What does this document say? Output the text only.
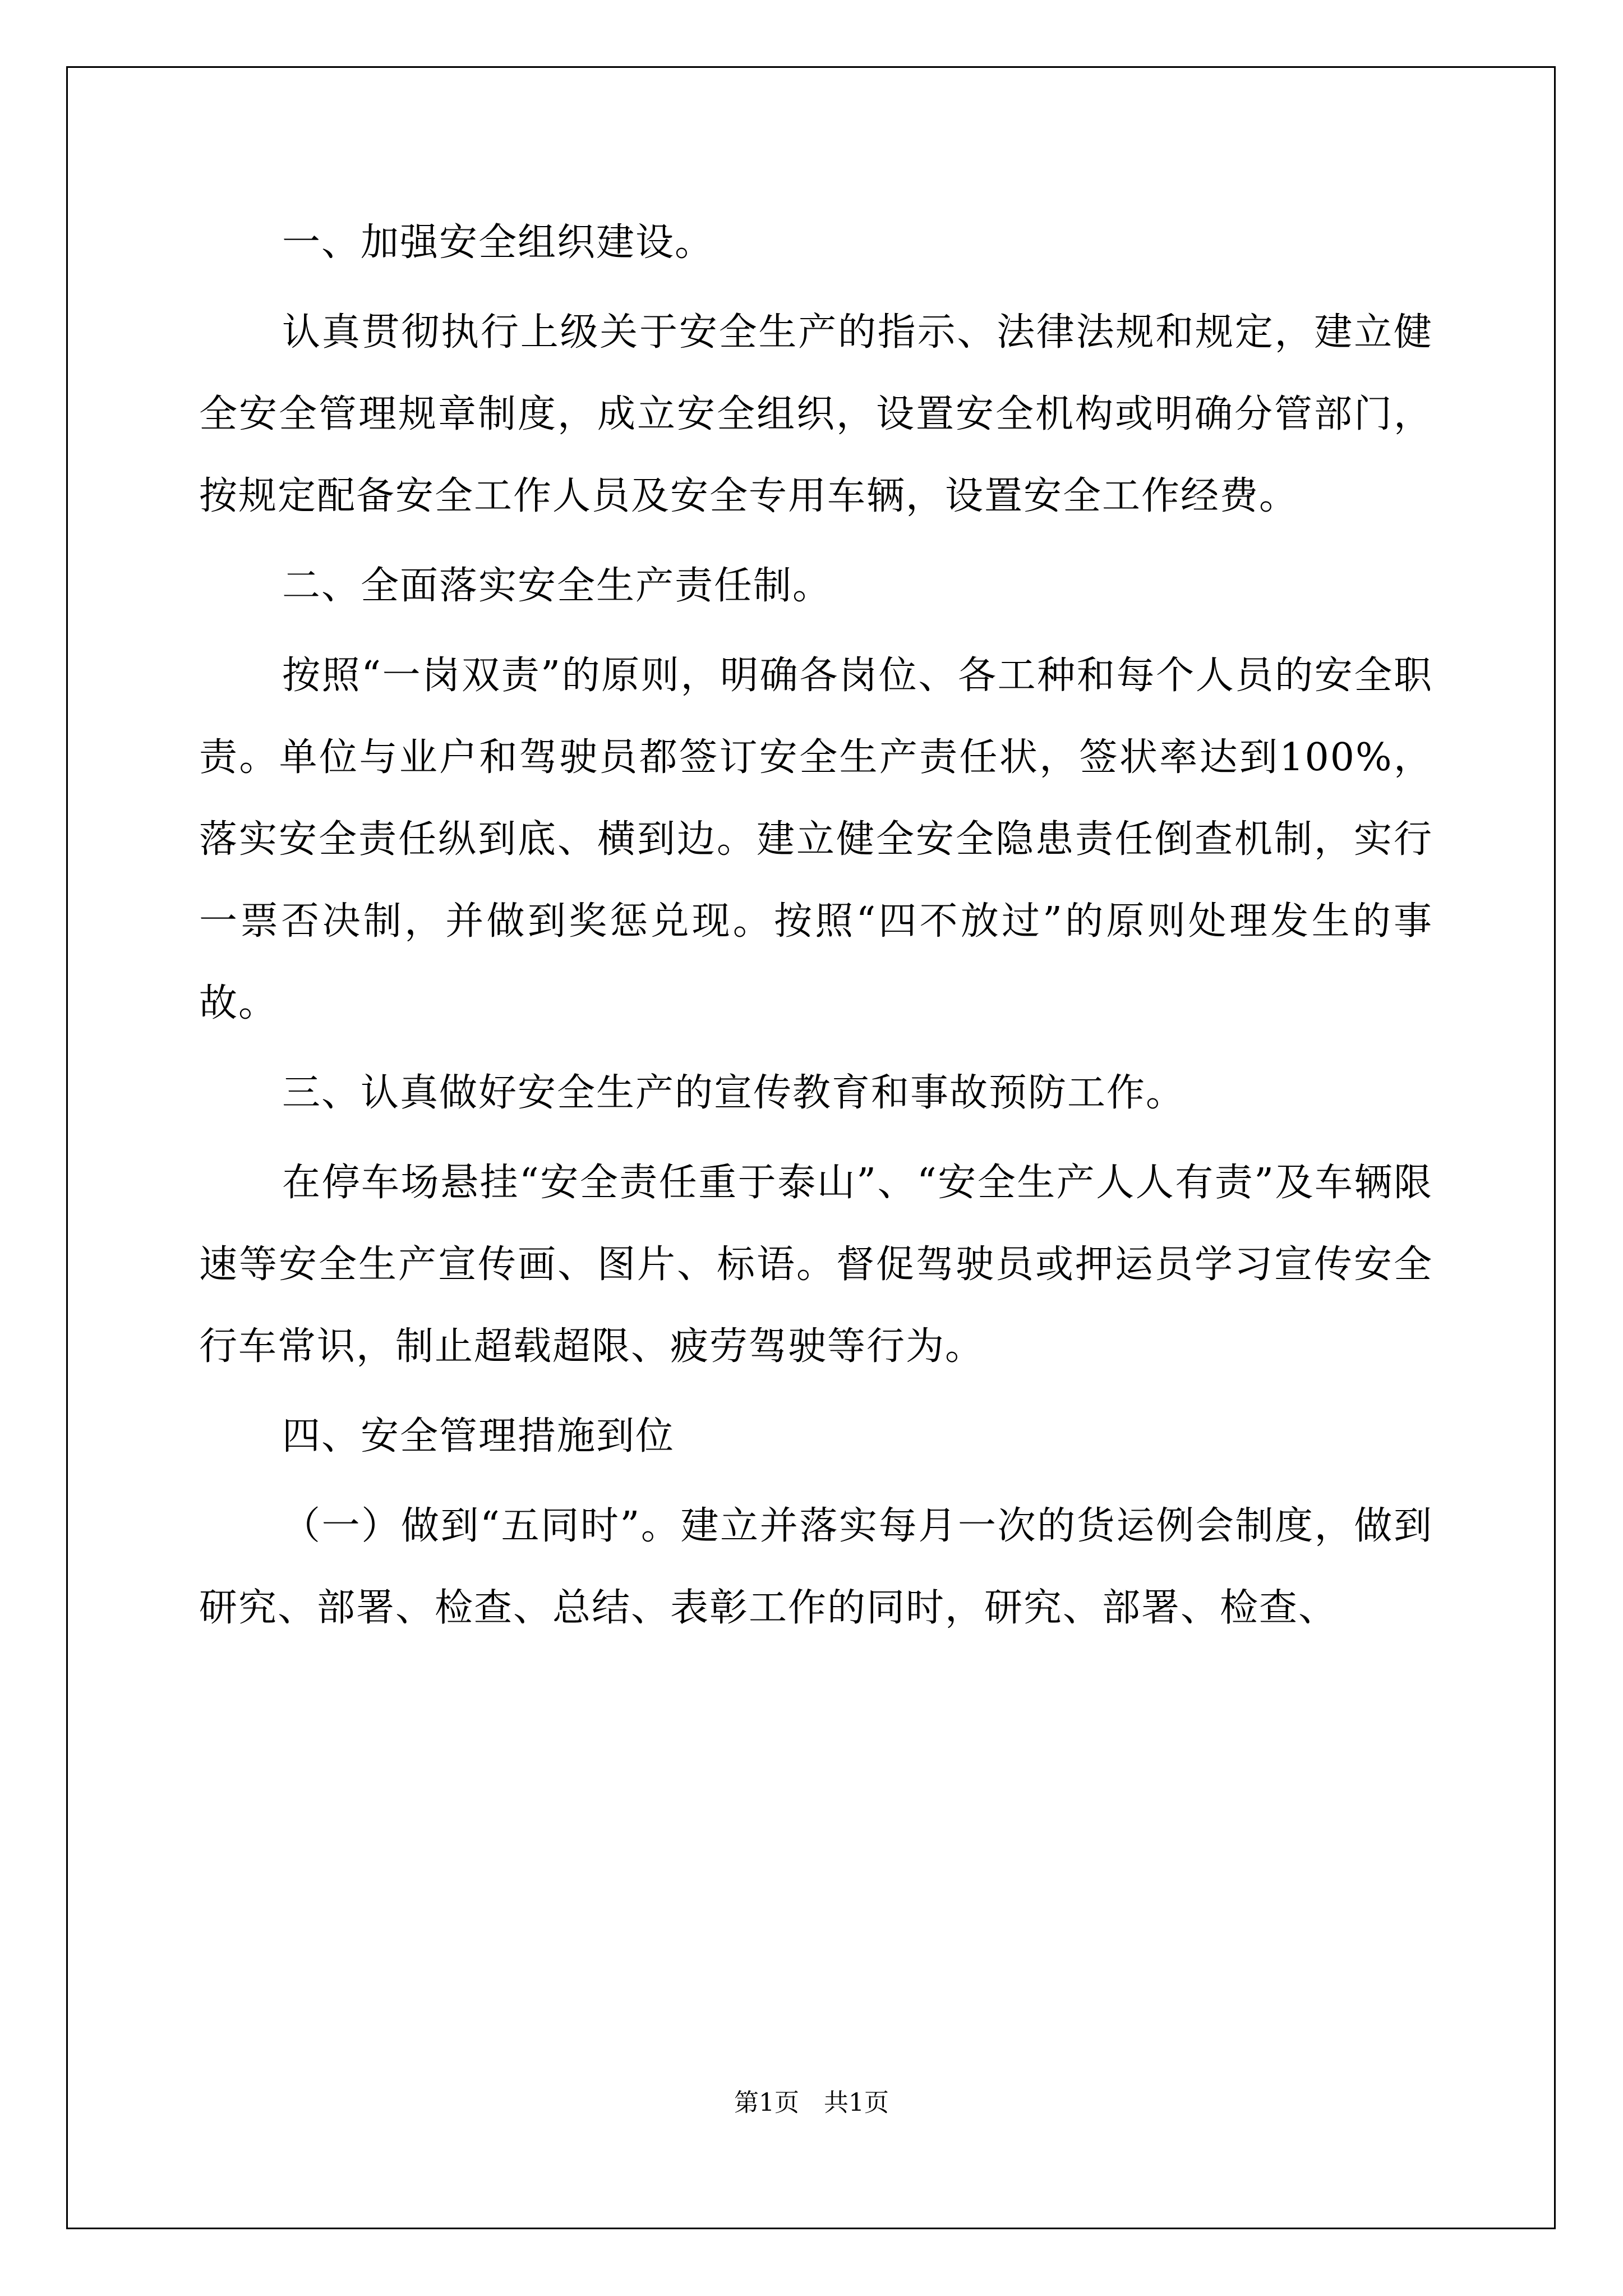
一、加强安全组织建设。

认真贯彻执行上级关于安全生产的指示、法律法规和规定，建立健全安全管理规章制度，成立安全组织，设置安全机构或明确分管部门，按规定配备安全工作人员及安全专用车辆，设置安全工作经费。

二、全面落实安全生产责任制。

按照“一岗双责”的原则，明确各岗位、各工种和每个人员的安全职责。单位与业户和驾驶员都签订安全生产责任状，签状率达到100%，落实安全责任纵到底、横到边。建立健全安全隐患责任倒查机制，实行一票否决制，并做到奖惩兑现。按照“四不放过”的原则处理发生的事故。

三、认真做好安全生产的宣传教育和事故预防工作。

在停车场悬挂“安全责任重于泰山”、“安全生产人人有责”及车辆限速等安全生产宣传画、图片、标语。督促驾驶员或押运员学习宣传安全行车常识，制止超载超限、疲劳驾驶等行为。

四、安全管理措施到位

（一）做到“五同时”。建立并落实每月一次的货运例会制度，做到研究、部署、检查、总结、表彰工作的同时，研究、部署、检查、

第1页　共1页
